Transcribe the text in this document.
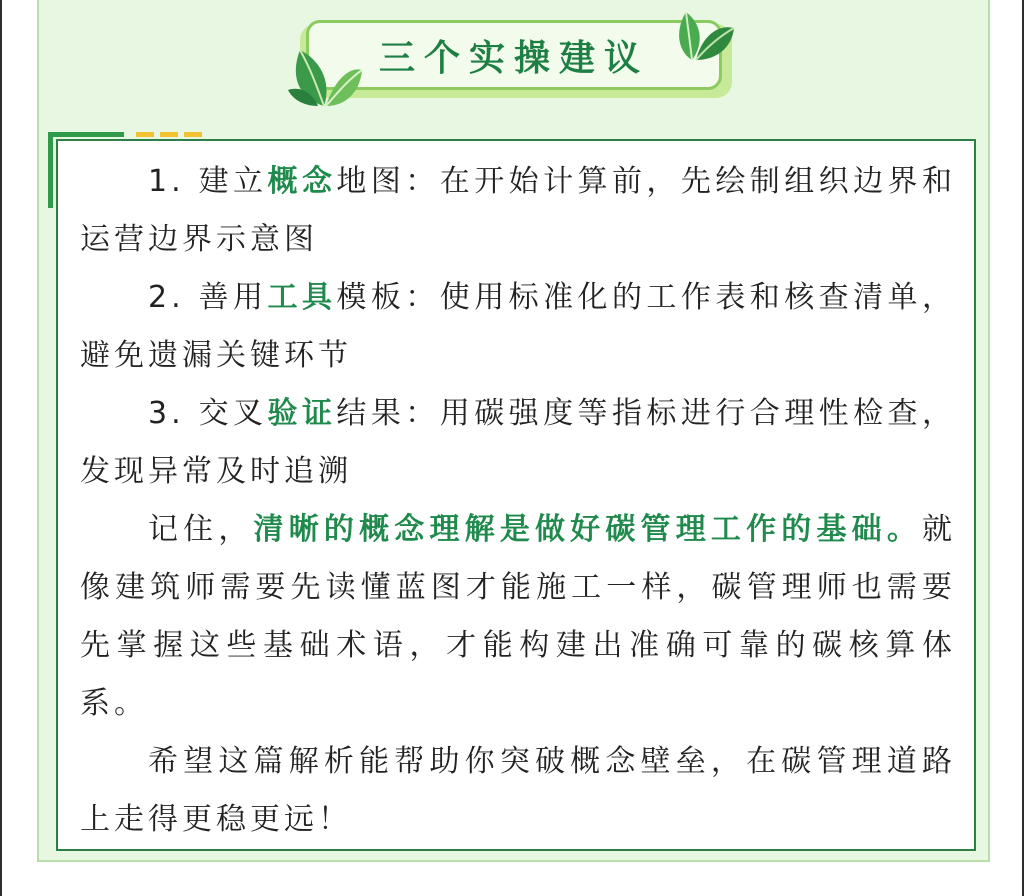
三个实操建议

1. 建立概念地图：在开始计算前，先绘制组织边界和运营边界示意图

2. 善用工具模板：使用标准化的工作表和核查清单，避免遗漏关键环节

3. 交叉验证结果：用碳强度等指标进行合理性检查，发现异常及时追溯

记住，清晰的概念理解是做好碳管理工作的基础。就像建筑师需要先读懂蓝图才能施工一样，碳管理师也需要先掌握这些基础术语，才能构建出准确可靠的碳核算体系。

希望这篇解析能帮助你突破概念壁垒，在碳管理道路上走得更稳更远！
